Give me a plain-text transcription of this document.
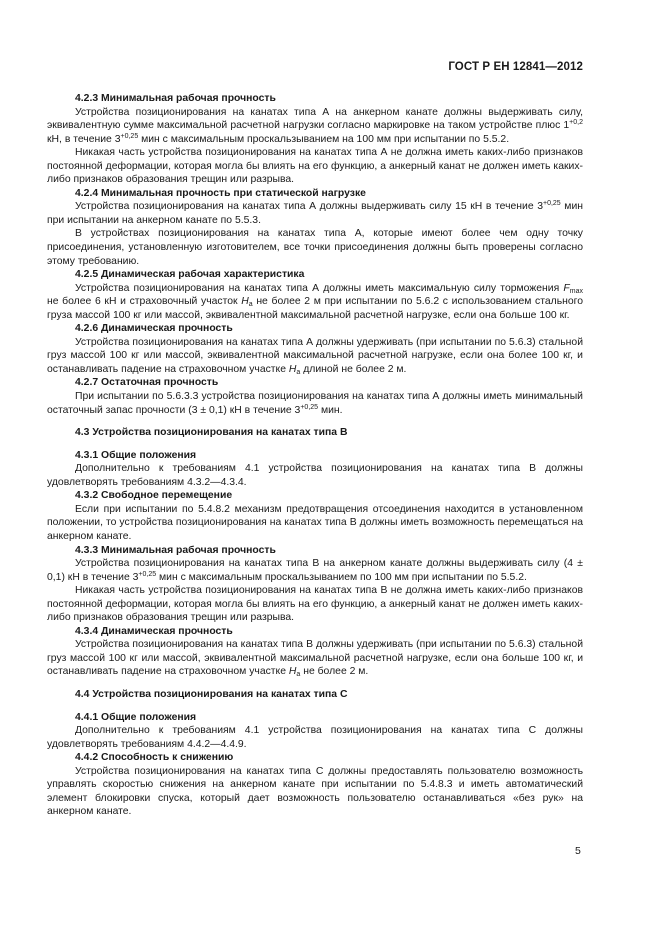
ГОСТ Р ЕН 12841—2012
4.2.3 Минимальная рабочая прочность
Устройства позиционирования на канатах типа А на анкерном канате должны выдерживать силу, эквивалентную сумме максимальной расчетной нагрузки согласно маркировке на таком устройстве плюс $1^{+0,2}$ кН, в течение $3^{+0,25}$ мин с максимальным проскальзыванием на 100 мм при испытании по 5.5.2.
Никакая часть устройства позиционирования на канатах типа А не должна иметь каких-либо признаков постоянной деформации, которая могла бы влиять на его функцию, а анкерный канат не должен иметь каких-либо признаков образования трещин или разрыва.
4.2.4 Минимальная прочность при статической нагрузке
Устройства позиционирования на канатах типа А должны выдерживать силу 15 кН в течение $3^{+0,25}$ мин при испытании на анкерном канате по 5.5.3.
В устройствах позиционирования на канатах типа А, которые имеют более чем одну точку присоединения, установленную изготовителем, все точки присоединения должны быть проверены согласно этому требованию.
4.2.5 Динамическая рабочая характеристика
Устройства позиционирования на канатах типа А должны иметь максимальную силу торможения $F_{max}$ не более 6 кН и страховочный участок $H_a$ не более 2 м при испытании по 5.6.2 с использованием стального груза массой 100 кг или массой, эквивалентной максимальной расчетной нагрузке, если она больше 100 кг.
4.2.6 Динамическая прочность
Устройства позиционирования на канатах типа А должны удерживать (при испытании по 5.6.3) стальной груз массой 100 кг или массой, эквивалентной максимальной расчетной нагрузке, если она более 100 кг, и останавливать падение на страховочном участке $H_a$ длиной не более 2 м.
4.2.7 Остаточная прочность
При испытании по 5.6.3.3 устройства позиционирования на канатах типа А должны иметь минимальный остаточный запас прочности (3 ± 0,1) кН в течение $3^{+0,25}$ мин.
4.3 Устройства позиционирования на канатах типа В
4.3.1 Общие положения
Дополнительно к требованиям 4.1 устройства позиционирования на канатах типа В должны удовлетворять требованиям 4.3.2—4.3.4.
4.3.2 Свободное перемещение
Если при испытании по 5.4.8.2 механизм предотвращения отсоединения находится в установленном положении, то устройства позиционирования на канатах типа В должны иметь возможность перемещаться на анкерном канате.
4.3.3 Минимальная рабочая прочность
Устройства позиционирования на канатах типа В на анкерном канате должны выдерживать силу (4 ± 0,1) кН в течение $3^{+0,25}$ мин с максимальным проскальзыванием по 100 мм при испытании по 5.5.2.
Никакая часть устройства позиционирования на канатах типа В не должна иметь каких-либо признаков постоянной деформации, которая могла бы влиять на его функцию, а анкерный канат не должен иметь каких-либо признаков образования трещин или разрыва.
4.3.4 Динамическая прочность
Устройства позиционирования на канатах типа В должны удерживать (при испытании по 5.6.3) стальной груз массой 100 кг или массой, эквивалентной максимальной расчетной нагрузке, если она больше 100 кг, и останавливать падение на страховочном участке $H_a$ не более 2 м.
4.4 Устройства позиционирования на канатах типа С
4.4.1 Общие положения
Дополнительно к требованиям 4.1 устройства позиционирования на канатах типа С должны удовлетворять требованиям 4.4.2—4.4.9.
4.4.2 Способность к снижению
Устройства позиционирования на канатах типа С должны предоставлять пользователю возможность управлять скоростью снижения на анкерном канате при испытании по 5.4.8.3 и иметь автоматический элемент блокировки спуска, который дает возможность пользователю останавливаться «без рук» на анкерном канате.
5
